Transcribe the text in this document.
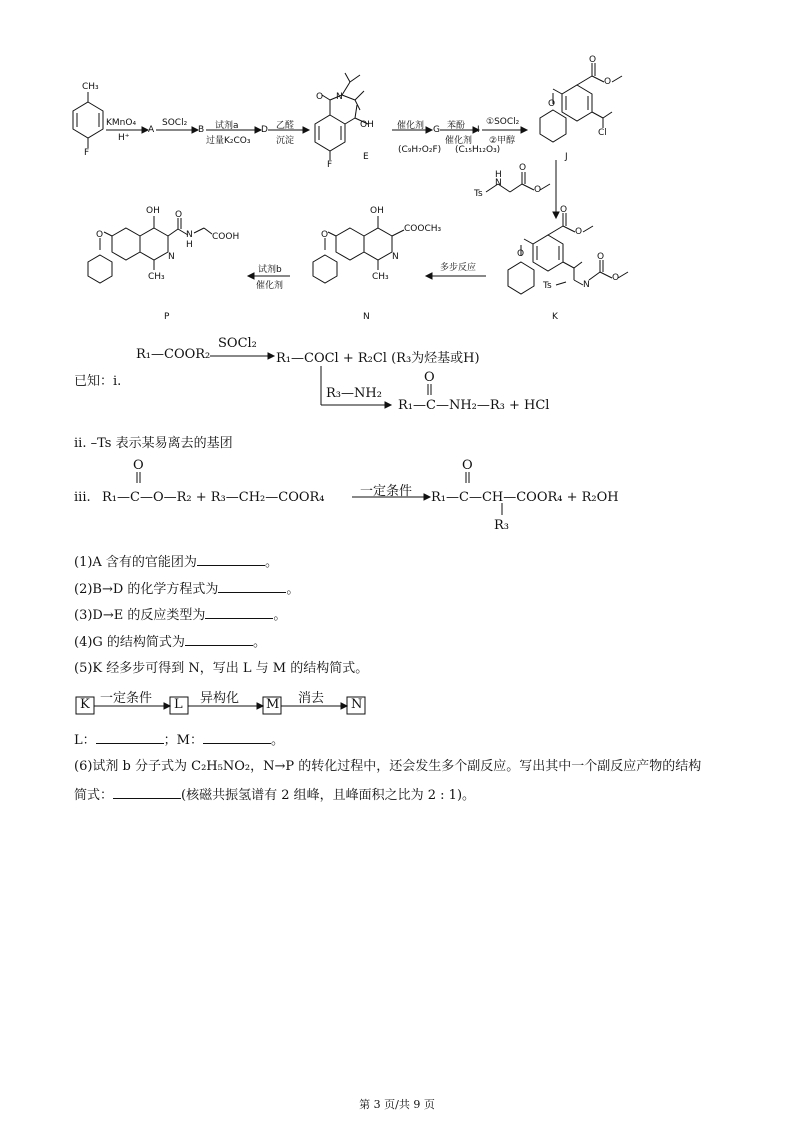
CH₃
F
KMnO₄
H⁺
A
SOCl₂
B 试剂a
过量K₂CO₃
D 乙醛
沉淀
O N
OH
F
E
催化剂
(C₉H₇O₂F)
G 苯酚
催化剂
(C₁₅H₁₂O₃)
I
①SOCl₂
②甲醇
O
O
Cl
O
J
Ts
H
N
O
O
O
O
N
Ts
O
O
O
K
多步反应
OH
COOCH₃
N
CH₃
O
N
试剂b
催化剂
OH O
N
H
COOH
N
CH₃
O
P
已知：i.
R₁—COOR₂
SOCl₂
R₁—COCl + R₂Cl (R₃为烃基或H)
R₃—NH₂
O
R₁—C—NH₂—R₃ + HCl
ii. –Ts 表示某易离去的基团
iii.
O
R₁—C—O—R₂ + R₃—CH₂—COOR₄	一定条件
O
R₁—C—CH—COOR₄ + R₂OH
R₃
(1)A 含有的官能团为	。
(2)B→D 的化学方程式为	。
(3)D→E 的反应类型为	。
(4)G 的结构简式为	。
(5)K 经多步可得到 N，写出 L 与 M 的结构简式。
K	L	M	N
一定条件	异构化	消去
L：	；M：	。
(6)试剂 b 分子式为 C₂H₅NO₂，N→P 的转化过程中，还会发生多个副反应。写出其中一个副反应产物的结构
简式：	(核磁共振氢谱有 2 组峰，且峰面积之比为 2 : 1)。
第 3 页/共 9 页
